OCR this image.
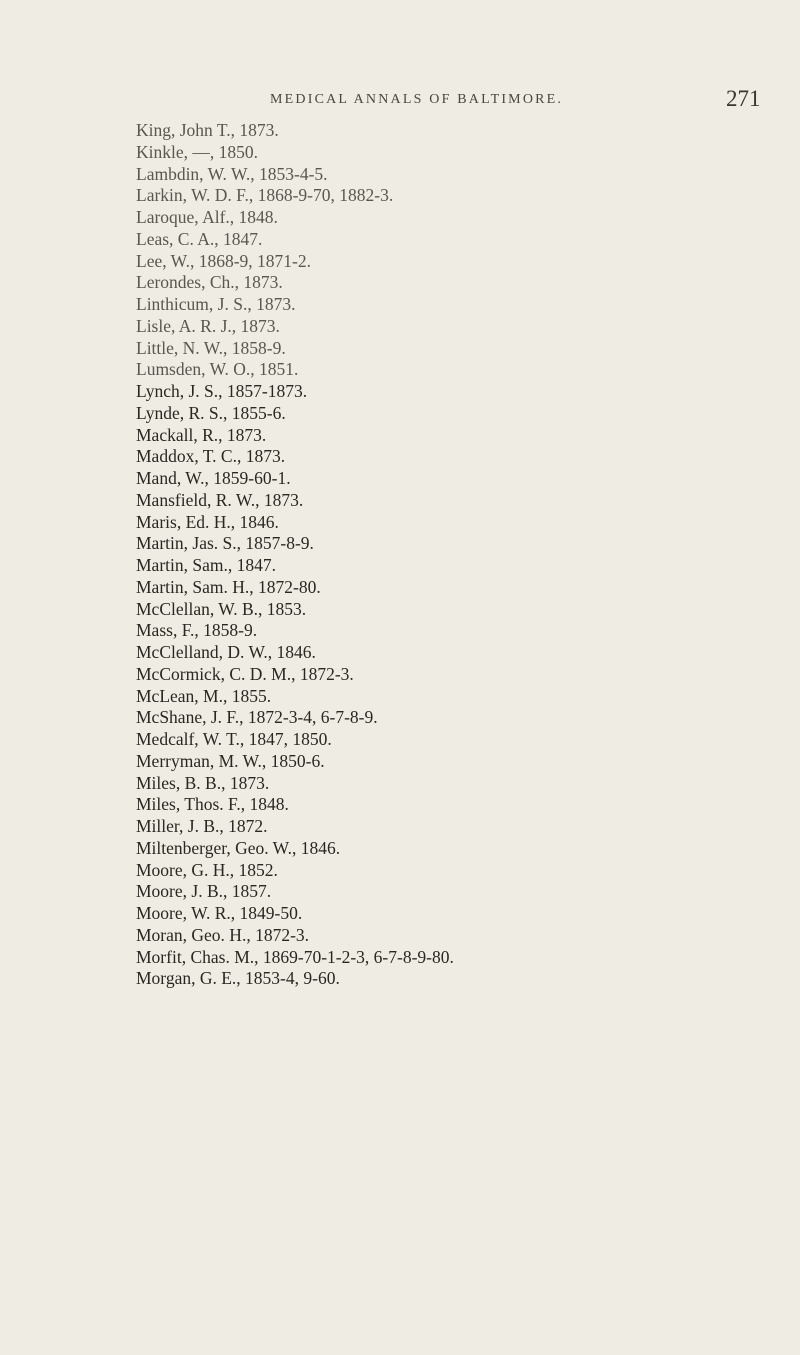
MEDICAL ANNALS OF BALTIMORE.	271
King, John T., 1873.
Kinkle, —, 1850.
Lambdin, W. W., 1853-4-5.
Larkin, W. D. F., 1868-9-70, 1882-3.
Laroque, Alf., 1848.
Leas, C. A., 1847.
Lee, W., 1868-9, 1871-2.
Lerondes, Ch., 1873.
Linthicum, J. S., 1873.
Lisle, A. R. J., 1873.
Little, N. W., 1858-9.
Lumsden, W. O., 1851.
Lynch, J. S., 1857-1873.
Lynde, R. S., 1855-6.
Mackall, R., 1873.
Maddox, T. C., 1873.
Mand, W., 1859-60-1.
Mansfield, R. W., 1873.
Maris, Ed. H., 1846.
Martin, Jas. S., 1857-8-9.
Martin, Sam., 1847.
Martin, Sam. H., 1872-80.
McClellan, W. B., 1853.
Mass, F., 1858-9.
McClelland, D. W., 1846.
McCormick, C. D. M., 1872-3.
McLean, M., 1855.
McShane, J. F., 1872-3-4, 6-7-8-9.
Medcalf, W. T., 1847, 1850.
Merryman, M. W., 1850-6.
Miles, B. B., 1873.
Miles, Thos. F., 1848.
Miller, J. B., 1872.
Miltenberger, Geo. W., 1846.
Moore, G. H., 1852.
Moore, J. B., 1857.
Moore, W. R., 1849-50.
Moran, Geo. H., 1872-3.
Morfit, Chas. M., 1869-70-1-2-3, 6-7-8-9-80.
Morgan, G. E., 1853-4, 9-60.
